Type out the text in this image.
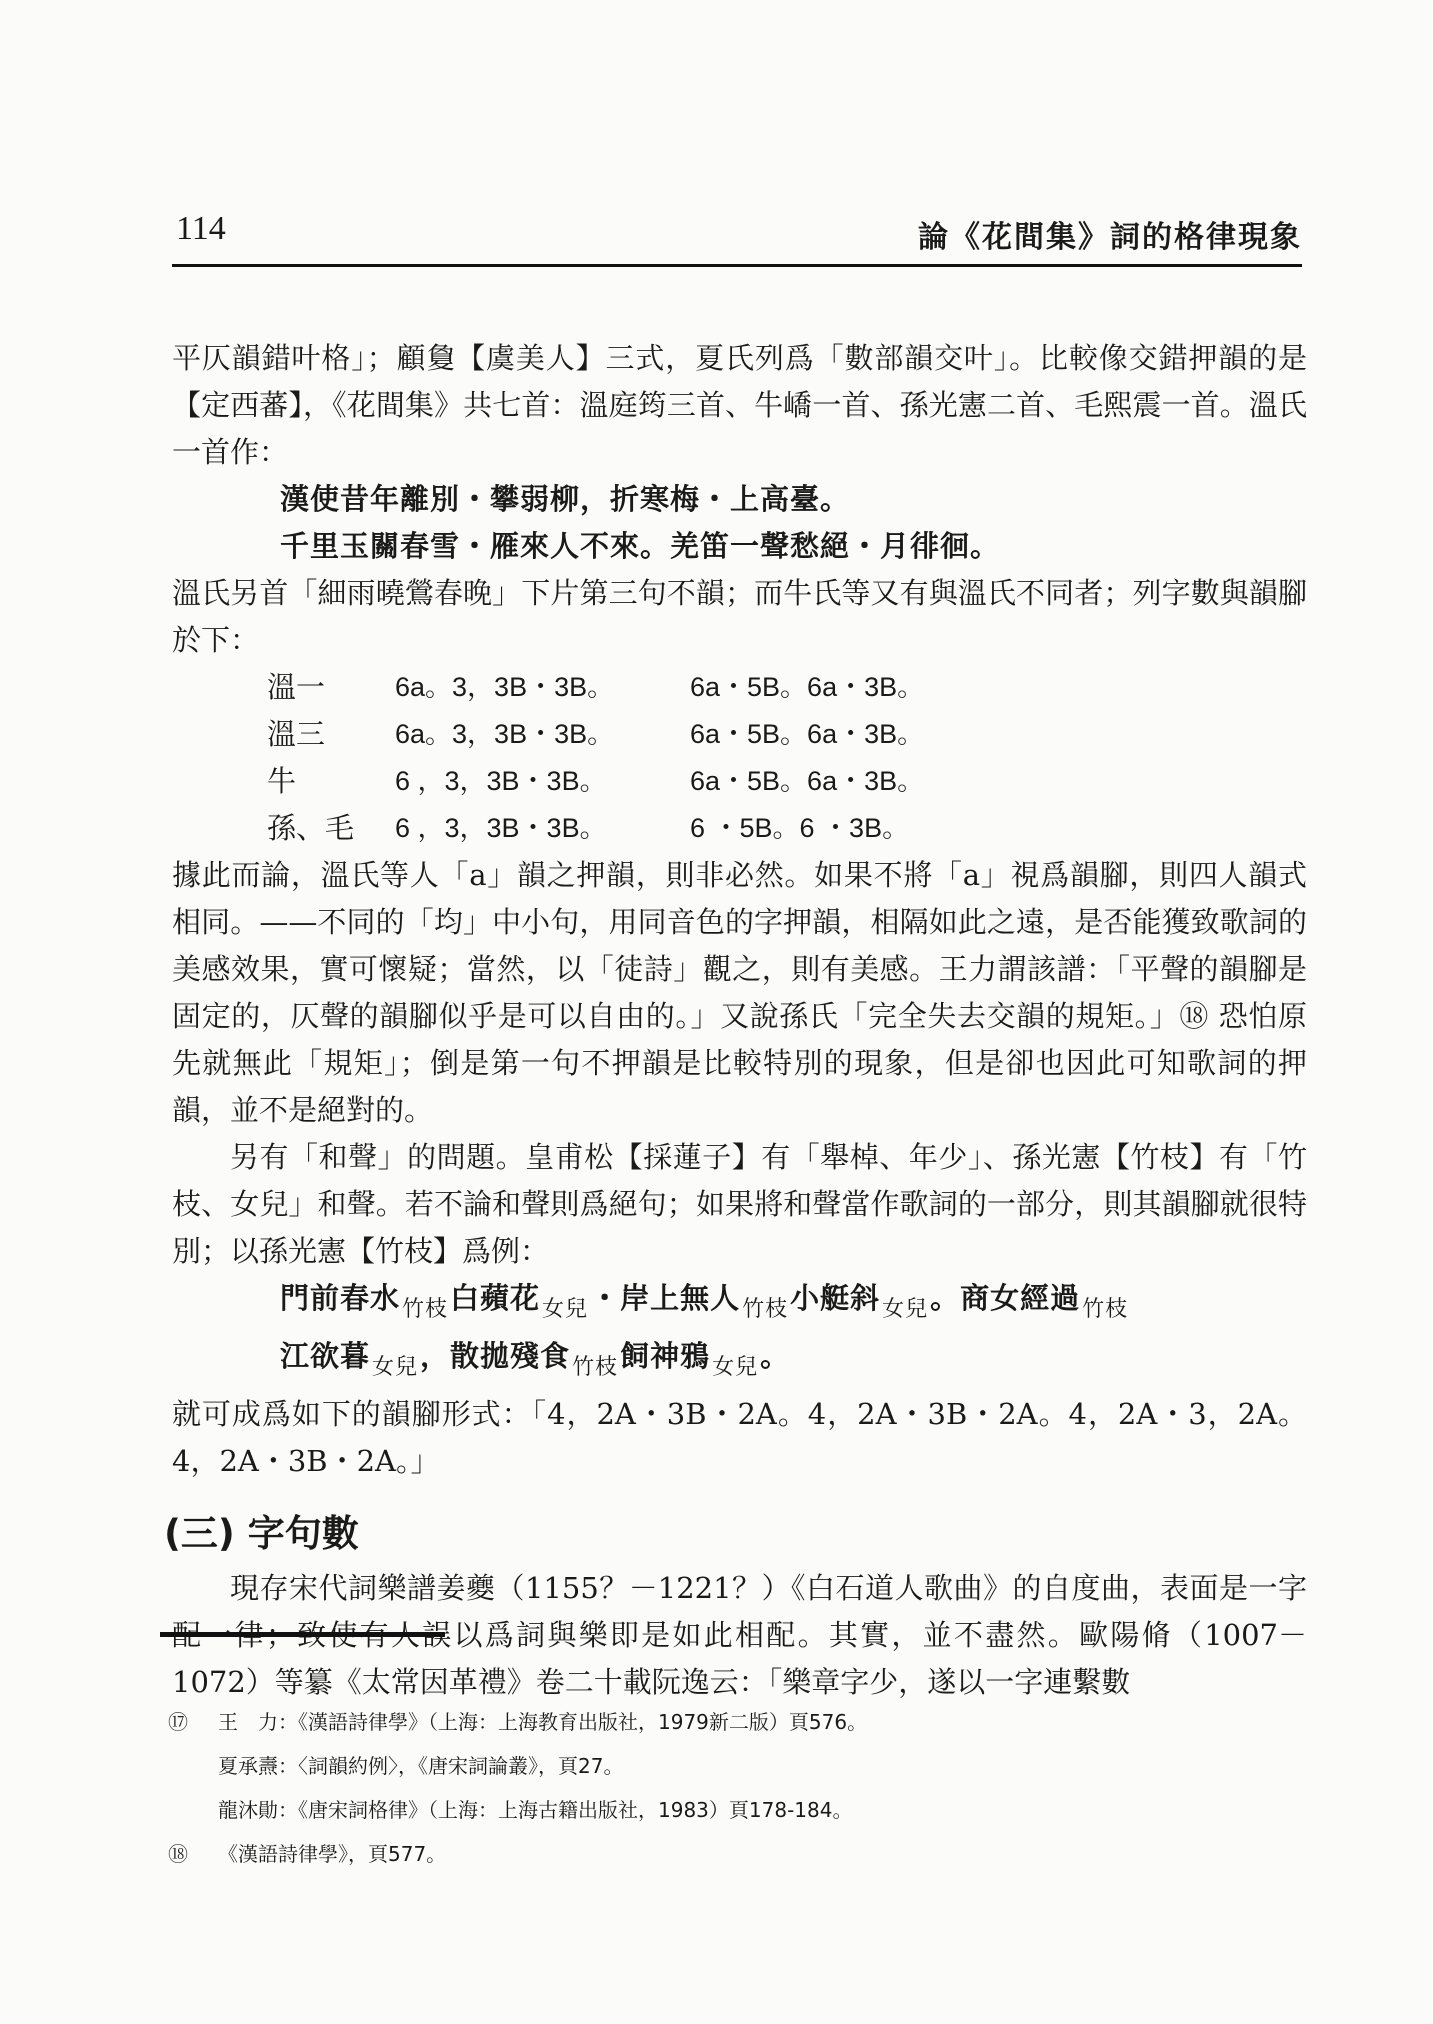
114	論《花間集》詞的格律現象

平仄韻錯叶格」；顧敻【虞美人】三式，夏氏列爲「數部韻交叶」。比較像交錯押韻的是【定西蕃】，《花間集》共七首：溫庭筠三首、牛嶠一首、孫光憲二首、毛熙震一首。溫氏一首作：

漢使昔年離別・攀弱柳，折寒梅・上高臺。

千里玉關春雪・雁來人不來。羌笛一聲愁絕・月徘徊。

溫氏另首「細雨曉鶯春晚」下片第三句不韻；而牛氏等又有與溫氏不同者；列字數與韻腳於下：

溫一	6a。3，3B・3B。	6a・5B。6a・3B。
溫三	6a。3，3B・3B。	6a・5B。6a・3B。
牛	6 ，3，3B・3B。	6a・5B。6a・3B。
孫、毛	6 ，3，3B・3B。	6 ・5B。6 ・3B。

據此而論，溫氏等人「a」韻之押韻，則非必然。如果不將「a」視爲韻腳，則四人韻式相同。——不同的「均」中小句，用同音色的字押韻，相隔如此之遠，是否能獲致歌詞的美感效果，實可懷疑；當然，以「徒詩」觀之，則有美感。王力謂該譜：「平聲的韻腳是固定的，仄聲的韻腳似乎是可以自由的。」又說孫氏「完全失去交韻的規矩。」⑱ 恐怕原先就無此「規矩」；倒是第一句不押韻是比較特別的現象，但是卻也因此可知歌詞的押韻，並不是絕對的。

另有「和聲」的問題。皇甫松【採蓮子】有「舉棹、年少」、孫光憲【竹枝】有「竹枝、女兒」和聲。若不論和聲則爲絕句；如果將和聲當作歌詞的一部分，則其韻腳就很特別；以孫光憲【竹枝】爲例：

門前春水$_{竹枝}$白蘋花$_{女兒}$・岸上無人$_{竹枝}$小艇斜$_{女兒}$。商女經過$_{竹枝}$

江欲暮$_{女兒}$，散拋殘食$_{竹枝}$飼神鴉$_{女兒}$。

就可成爲如下的韻腳形式：「4，2A・3B・2A。4，2A・3B・2A。4，2A・3，2A。4，2A・3B・2A。」

(三) 字句數

現存宋代詞樂譜姜夔（1155？－1221？）《白石道人歌曲》的自度曲，表面是一字配一律；致使有人誤以爲詞與樂即是如此相配。其實，並不盡然。歐陽脩（1007－1072）等纂《太常因革禮》卷二十載阮逸云：「樂章字少，遂以一字連繫數

⑰ 王　力：《漢語詩律學》（上海：上海教育出版社，1979新二版）頁576。
夏承燾：〈詞韻約例〉，《唐宋詞論叢》，頁27。
龍沐勛：《唐宋詞格律》（上海：上海古籍出版社，1983）頁178-184。
⑱ 《漢語詩律學》，頁577。
